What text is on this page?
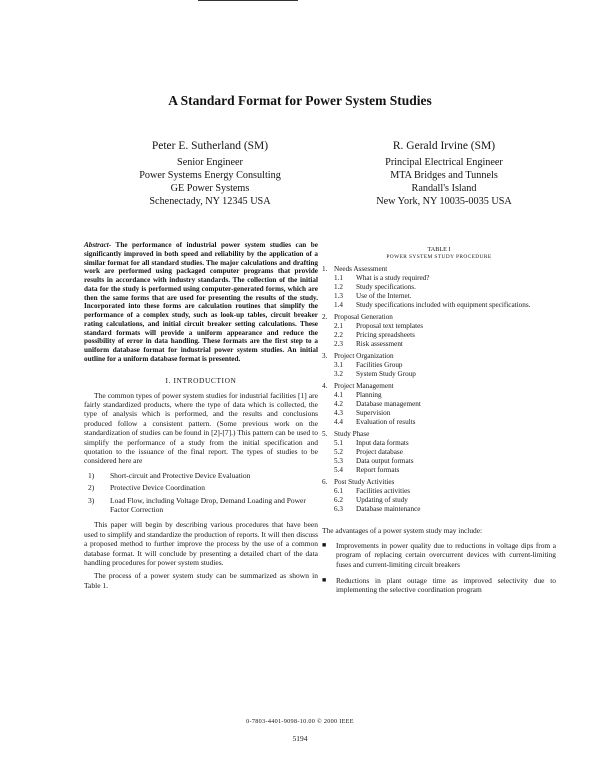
A Standard Format for Power System Studies
Peter E. Sutherland (SM)
Senior Engineer
Power Systems Energy Consulting
GE Power Systems
Schenectady, NY 12345 USA
R. Gerald Irvine (SM)
Principal Electrical Engineer
MTA Bridges and Tunnels
Randall's Island
New York, NY 10035-0035 USA

Abstract- The performance of industrial power system studies can be significantly improved in both speed and reliability by the application of a similar format for all standard studies. The major calculations and drafting work are performed using packaged computer programs that provide results in accordance with industry standards. The collection of the initial data for the study is performed using computer-generated forms, which are then the same forms that are used for presenting the results of the study. Incorporated into these forms are calculation routines that simplify the performance of a complex study, such as look-up tables, circuit breaker rating calculations, and initial circuit breaker setting calculations. These standard formats will provide a uniform appearance and reduce the possibility of error in data handling. These formats are the first step to a uniform database format for industrial power system studies. An initial outline for a uniform database format is presented.

I. INTRODUCTION

The common types of power system studies for industrial facilities [1] are fairly standardized products, where the type of data which is collected, the type of analysis which is performed, and the results and conclusions produced follow a consistent pattern. (Some previous work on the standardization of studies can be found in [2]-[7].) This pattern can be used to simplify the performance of a study from the initial specification and quotation to the issuance of the final report. The types of studies to be considered here are

1)	Short-circuit and Protective Device Evaluation
2)	Protective Device Coordination
3)	Load Flow, including Voltage Drop, Demand Loading and Power Factor Correction

This paper will begin by describing various procedures that have been used to simplify and standardize the production of reports. It will then discuss a proposed method to further improve the process by the use of a common database format. It will conclude by presenting a detailed chart of the data handling procedures for power system studies.

The process of a power system study can be summarized as shown in Table 1.

TABLE I

POWER SYSTEM STUDY PROCEDURE

1. Needs Assessment
1.1	What is a study required?
1.2	Study specifications.
1.3	Use of the Internet.
1.4	Study specifications included with equipment specifications.
2. Proposal Generation
2.1	Proposal text templates
2.2	Pricing spreadsheets
2.3	Risk assessment
3. Project Organization
3.1	Facilities Group
3.2	System Study Group
4. Project Management
4.1	Planning
4.2	Database management
4.3	Supervision
4.4	Evaluation of results
5. Study Phase
5.1	Input data formats
5.2	Project database
5.3	Data output formats
5.4	Report formats
6. Post Study Activities
6.1	Facilities activities
6.2	Updating of study
6.3	Database maintenance

The advantages of a power system study may include:

■	Improvements in power quality due to reductions in voltage dips from a program of replacing certain overcurrent devices with current-limiting fuses and current-limiting circuit breakers
■	Reductions in plant outage time as improved selectivity due to implementing the selective coordination program
0-7803-4401-9098-10.00 © 2000 IEEE
5194
